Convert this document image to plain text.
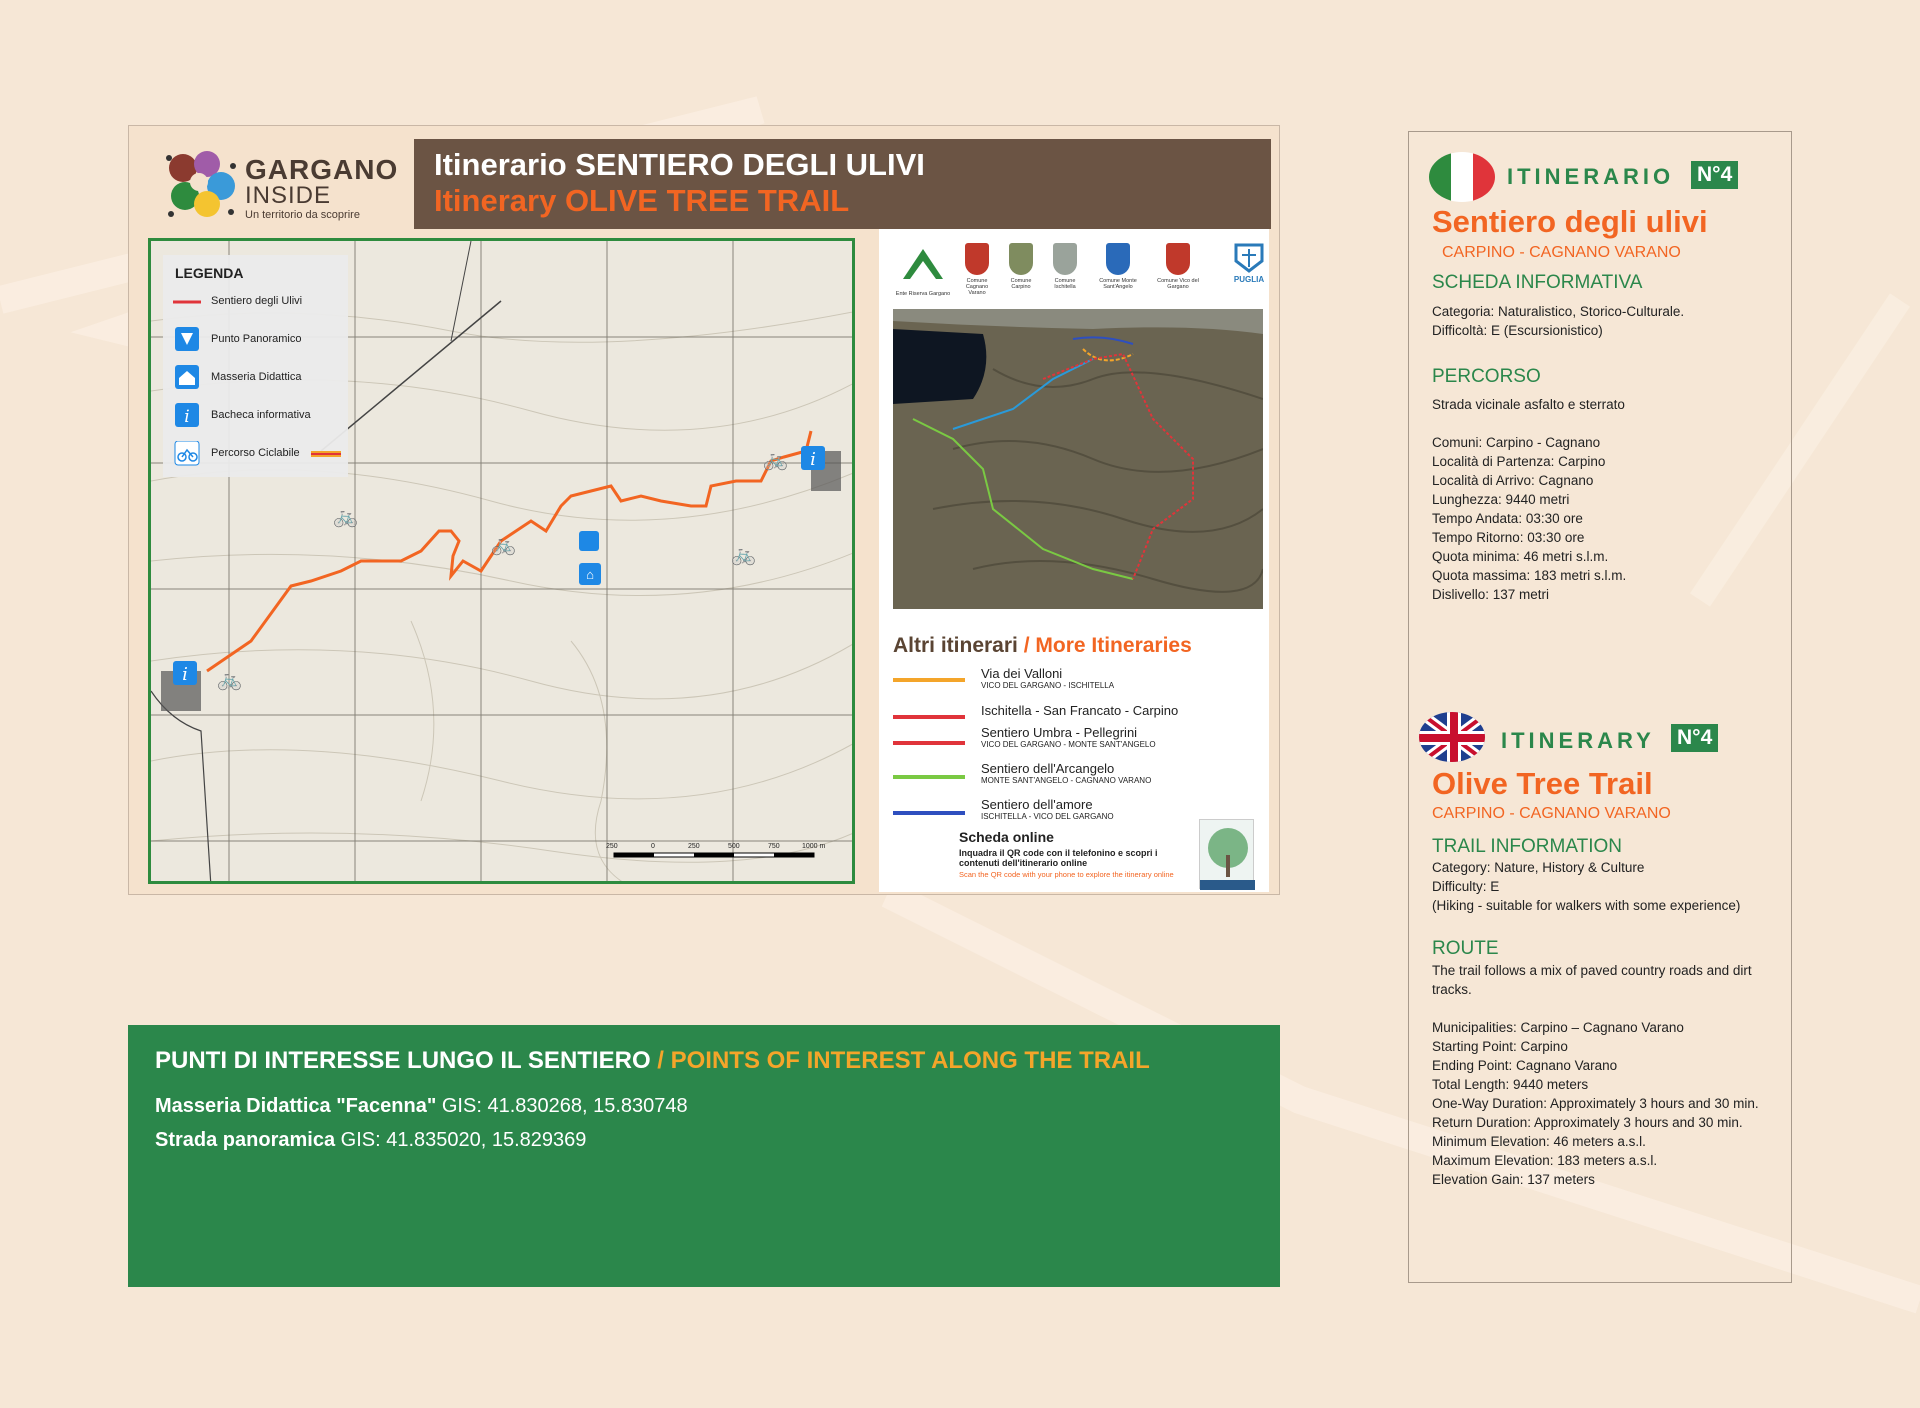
GARGANO
INSIDE
Un territorio da scoprire
Itinerario SENTIERO DEGLI ULIVI
Itinerary OLIVE TREE TRAIL
i
i
⌂
🚲
🚲	🚲
🚲
🚲
LEGENDA
Sentiero degli Ulivi
Punto Panoramico
Masseria Didattica
i Bacheca informativa
Percorso Ciclabile
250	0	250	500	750	1000 m
Ente Riserva Gargano
Comune Cagnano Varano
Comune Carpino
Comune Ischitella
Comune Monte Sant'Angelo
Comune Vico del Gargano
PUGLIA
Altri itinerari / More Itineraries
Via dei Valloni
VICO DEL GARGANO - ISCHITELLA
Ischitella - San Francato - Carpino
Sentiero Umbra - Pellegrini
VICO DEL GARGANO - MONTE SANT'ANGELO
Sentiero dell'Arcangelo
MONTE SANT'ANGELO - CAGNANO VARANO
Sentiero dell'amore
ISCHITELLA - VICO DEL GARGANO
Scheda online
Inquadra il QR code con il telefonino e scopri i contenuti dell'itinerario online
Scan the QR code with your phone to explore the itinerary online
PUNTI DI INTERESSE LUNGO IL SENTIERO / POINTS OF INTEREST ALONG THE TRAIL
Masseria Didattica "Facenna" GIS: 41.830268, 15.830748
Strada panoramica GIS: 41.835020, 15.829369
ITINERARIO N°4
Sentiero degli ulivi
CARPINO - CAGNANO VARANO
SCHEDA INFORMATIVA
Categoria: Naturalistico, Storico-Culturale.
Difficoltà: E (Escursionistico)
PERCORSO
Strada vicinale asfalto e sterrato
Comuni: Carpino - Cagnano
Località di Partenza: Carpino
Località di Arrivo: Cagnano
Lunghezza: 9440 metri
Tempo Andata: 03:30 ore
Tempo Ritorno: 03:30 ore
Quota minima: 46 metri s.l.m.
Quota massima: 183 metri s.l.m.
Dislivello: 137 metri
ITINERARY N°4
Olive Tree Trail
CARPINO - CAGNANO VARANO
TRAIL INFORMATION
Category: Nature, History & Culture
Difficulty: E
(Hiking - suitable for walkers with some experience)
ROUTE
The trail follows a mix of paved country roads and dirt tracks.
Municipalities: Carpino – Cagnano Varano
Starting Point: Carpino
Ending Point: Cagnano Varano
Total Length: 9440 meters
One-Way Duration: Approximately 3 hours and 30 min.
Return Duration: Approximately 3 hours and 30 min.
Minimum Elevation: 46 meters a.s.l.
Maximum Elevation: 183 meters a.s.l.
Elevation Gain: 137 meters
